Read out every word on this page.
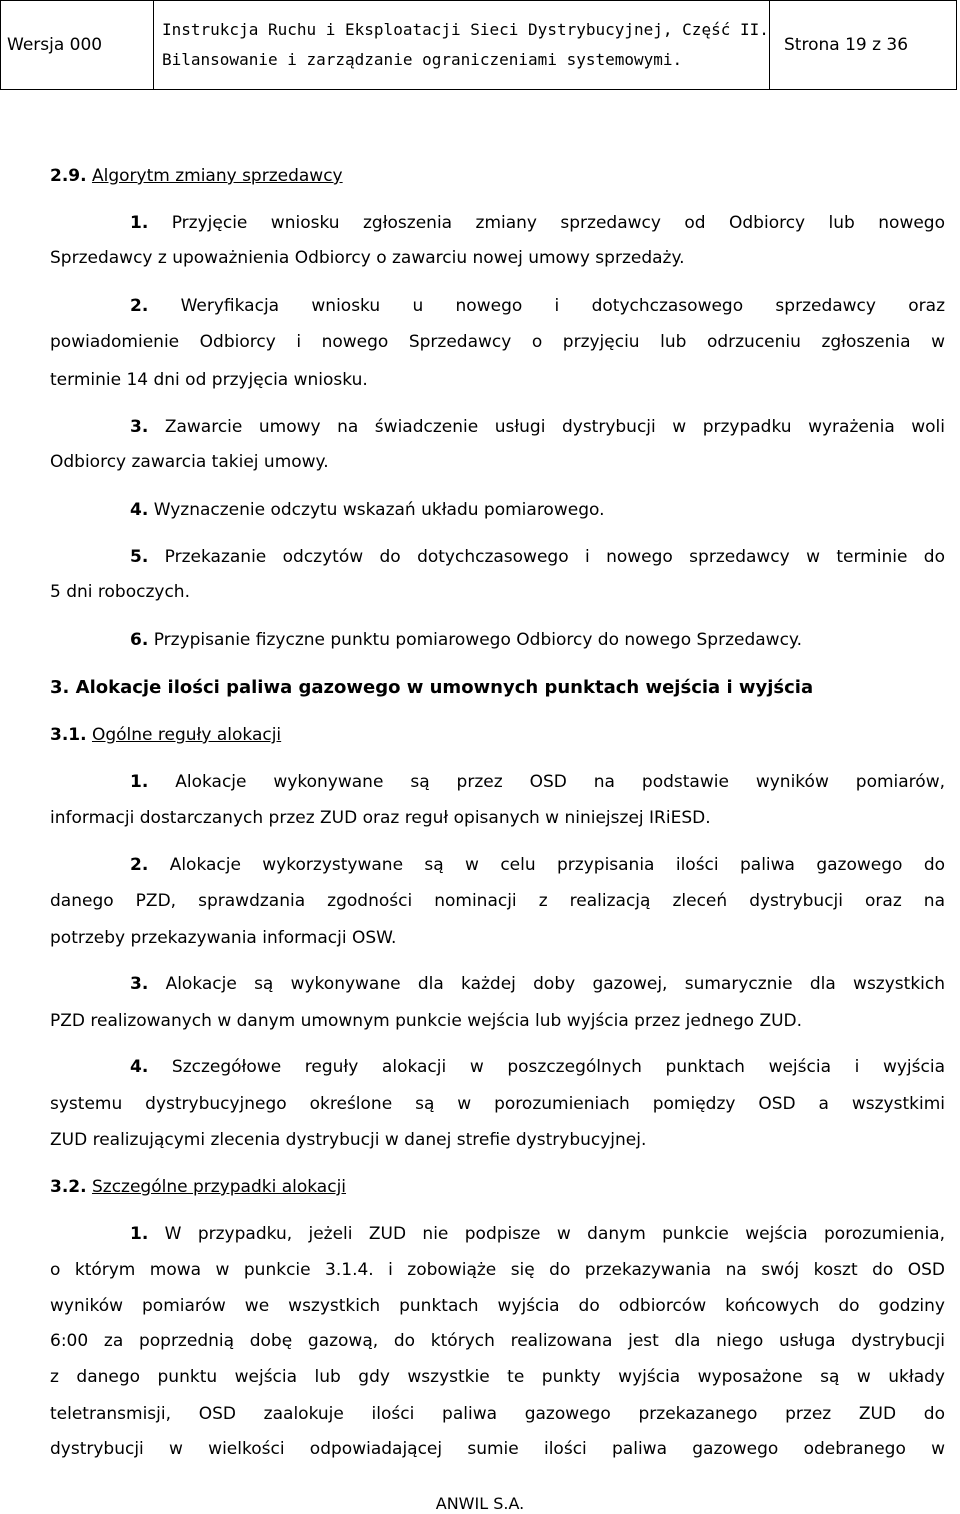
Wersja 000
Instrukcja Ruchu i Eksploatacji Sieci Dystrybucyjnej, Część II.
Bilansowanie i zarządzanie ograniczeniami systemowymi.
Strona 19 z 36
2.9. Algorytm zmiany sprzedawcy
1. Przyjęcie wniosku zgłoszenia zmiany sprzedawcy od Odbiorcy lub nowego
Sprzedawcy z upoważnienia Odbiorcy o zawarciu nowej umowy sprzedaży.
2. Weryfikacja wniosku u nowego i dotychczasowego sprzedawcy oraz
powiadomienie Odbiorcy i nowego Sprzedawcy o przyjęciu lub odrzuceniu zgłoszenia w
terminie 14 dni od przyjęcia wniosku.
3. Zawarcie umowy na świadczenie usługi dystrybucji w przypadku wyrażenia woli
Odbiorcy zawarcia takiej umowy.
4. Wyznaczenie odczytu wskazań układu pomiarowego.
5. Przekazanie odczytów do dotychczasowego i nowego sprzedawcy w terminie do
5 dni roboczych.
6. Przypisanie fizyczne punktu pomiarowego Odbiorcy do nowego Sprzedawcy.
3. Alokacje ilości paliwa gazowego w umownych punktach wejścia i wyjścia
3.1. Ogólne reguły alokacji
1. Alokacje wykonywane są przez OSD na podstawie wyników pomiarów,
informacji dostarczanych przez ZUD oraz reguł opisanych w niniejszej IRiESD.
2. Alokacje wykorzystywane są w celu przypisania ilości paliwa gazowego do
danego PZD, sprawdzania zgodności nominacji z realizacją zleceń dystrybucji oraz na
potrzeby przekazywania informacji OSW.
3. Alokacje są wykonywane dla każdej doby gazowej, sumarycznie dla wszystkich
PZD realizowanych w danym umownym punkcie wejścia lub wyjścia przez jednego ZUD.
4. Szczegółowe reguły alokacji w poszczególnych punktach wejścia i wyjścia
systemu dystrybucyjnego określone są w porozumieniach pomiędzy OSD a wszystkimi
ZUD realizującymi zlecenia dystrybucji w danej strefie dystrybucyjnej.
3.2. Szczególne przypadki alokacji
1. W przypadku, jeżeli ZUD nie podpisze w danym punkcie wejścia porozumienia,
o którym mowa w punkcie 3.1.4. i zobowiąże się do przekazywania na swój koszt do OSD
wyników pomiarów we wszystkich punktach wyjścia do odbiorców końcowych do godziny
6:00 za poprzednią dobę gazową, do których realizowana jest dla niego usługa dystrybucji
z danego punktu wejścia lub gdy wszystkie te punkty wyjścia wyposażone są w układy
teletransmisji, OSD zaalokuje ilości paliwa gazowego przekazanego przez ZUD do
dystrybucji w wielkości odpowiadającej sumie ilości paliwa gazowego odebranego w
ANWIL S.A.
